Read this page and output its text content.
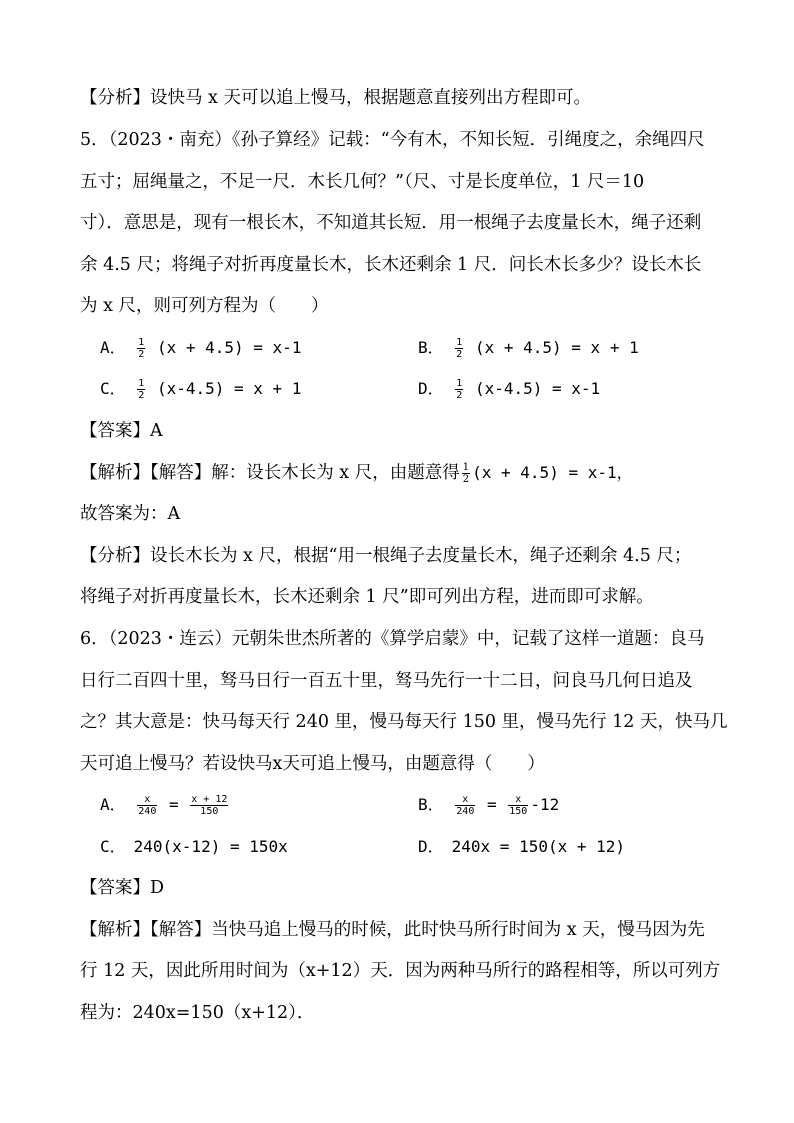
【分析】设快马 x 天可以追上慢马，根据题意直接列出方程即可。
5．（2023・南充）《孙子算经》记载：“今有木，不知长短．引绳度之，余绳四尺
五寸；屈绳量之，不足一尺．木长几何？”（尺、寸是长度单位，1 尺＝10
寸）．意思是，现有一根长木，不知道其长短．用一根绳子去度量长木，绳子还剩
余 4.5 尺；将绳子对折再度量长木，长木还剩余 1 尺．问长木长多少？设长木长
为 x 尺，则可列方程为（　　）
A． $\frac{1}{2} (x + 4.5) = x-1$	B． $\frac{1}{2} (x + 4.5) = x + 1$
C． $\frac{1}{2} (x-4.5) = x + 1$	D． $\frac{1}{2} (x-4.5) = x-1$
【答案】A
【解析】【解答】解：设长木长为 x 尺，由题意得 $\frac{1}{2} (x + 4.5) = x-1$，
故答案为：A
【分析】设长木长为 x 尺，根据“用一根绳子去度量长木，绳子还剩余 4.5 尺；
将绳子对折再度量长木，长木还剩余 1 尺”即可列出方程，进而即可求解。
6．（2023・连云）元朝朱世杰所著的《算学启蒙》中，记载了这样一道题：良马
日行二百四十里，驽马日行一百五十里，驽马先行一十二日，问良马几何日追及
之？其大意是：快马每天行 240 里，慢马每天行 150 里，慢马先行 12 天，快马几
天可追上慢马？若设快马x天可追上慢马，由题意得（　　）
A． $\frac{x}{240} = \frac{x + 12}{150}$	B． $\frac{x}{240} = \frac{x}{150} -12$
C．　240(x-12) = 150x	D．　240x = 150(x + 12)
【答案】D
【解析】【解答】当快马追上慢马的时候，此时快马所行时间为 x 天，慢马因为先
行 12 天，因此所用时间为（x+12）天．因为两种马所行的路程相等，所以可列方
程为：240x=150（x+12）．
